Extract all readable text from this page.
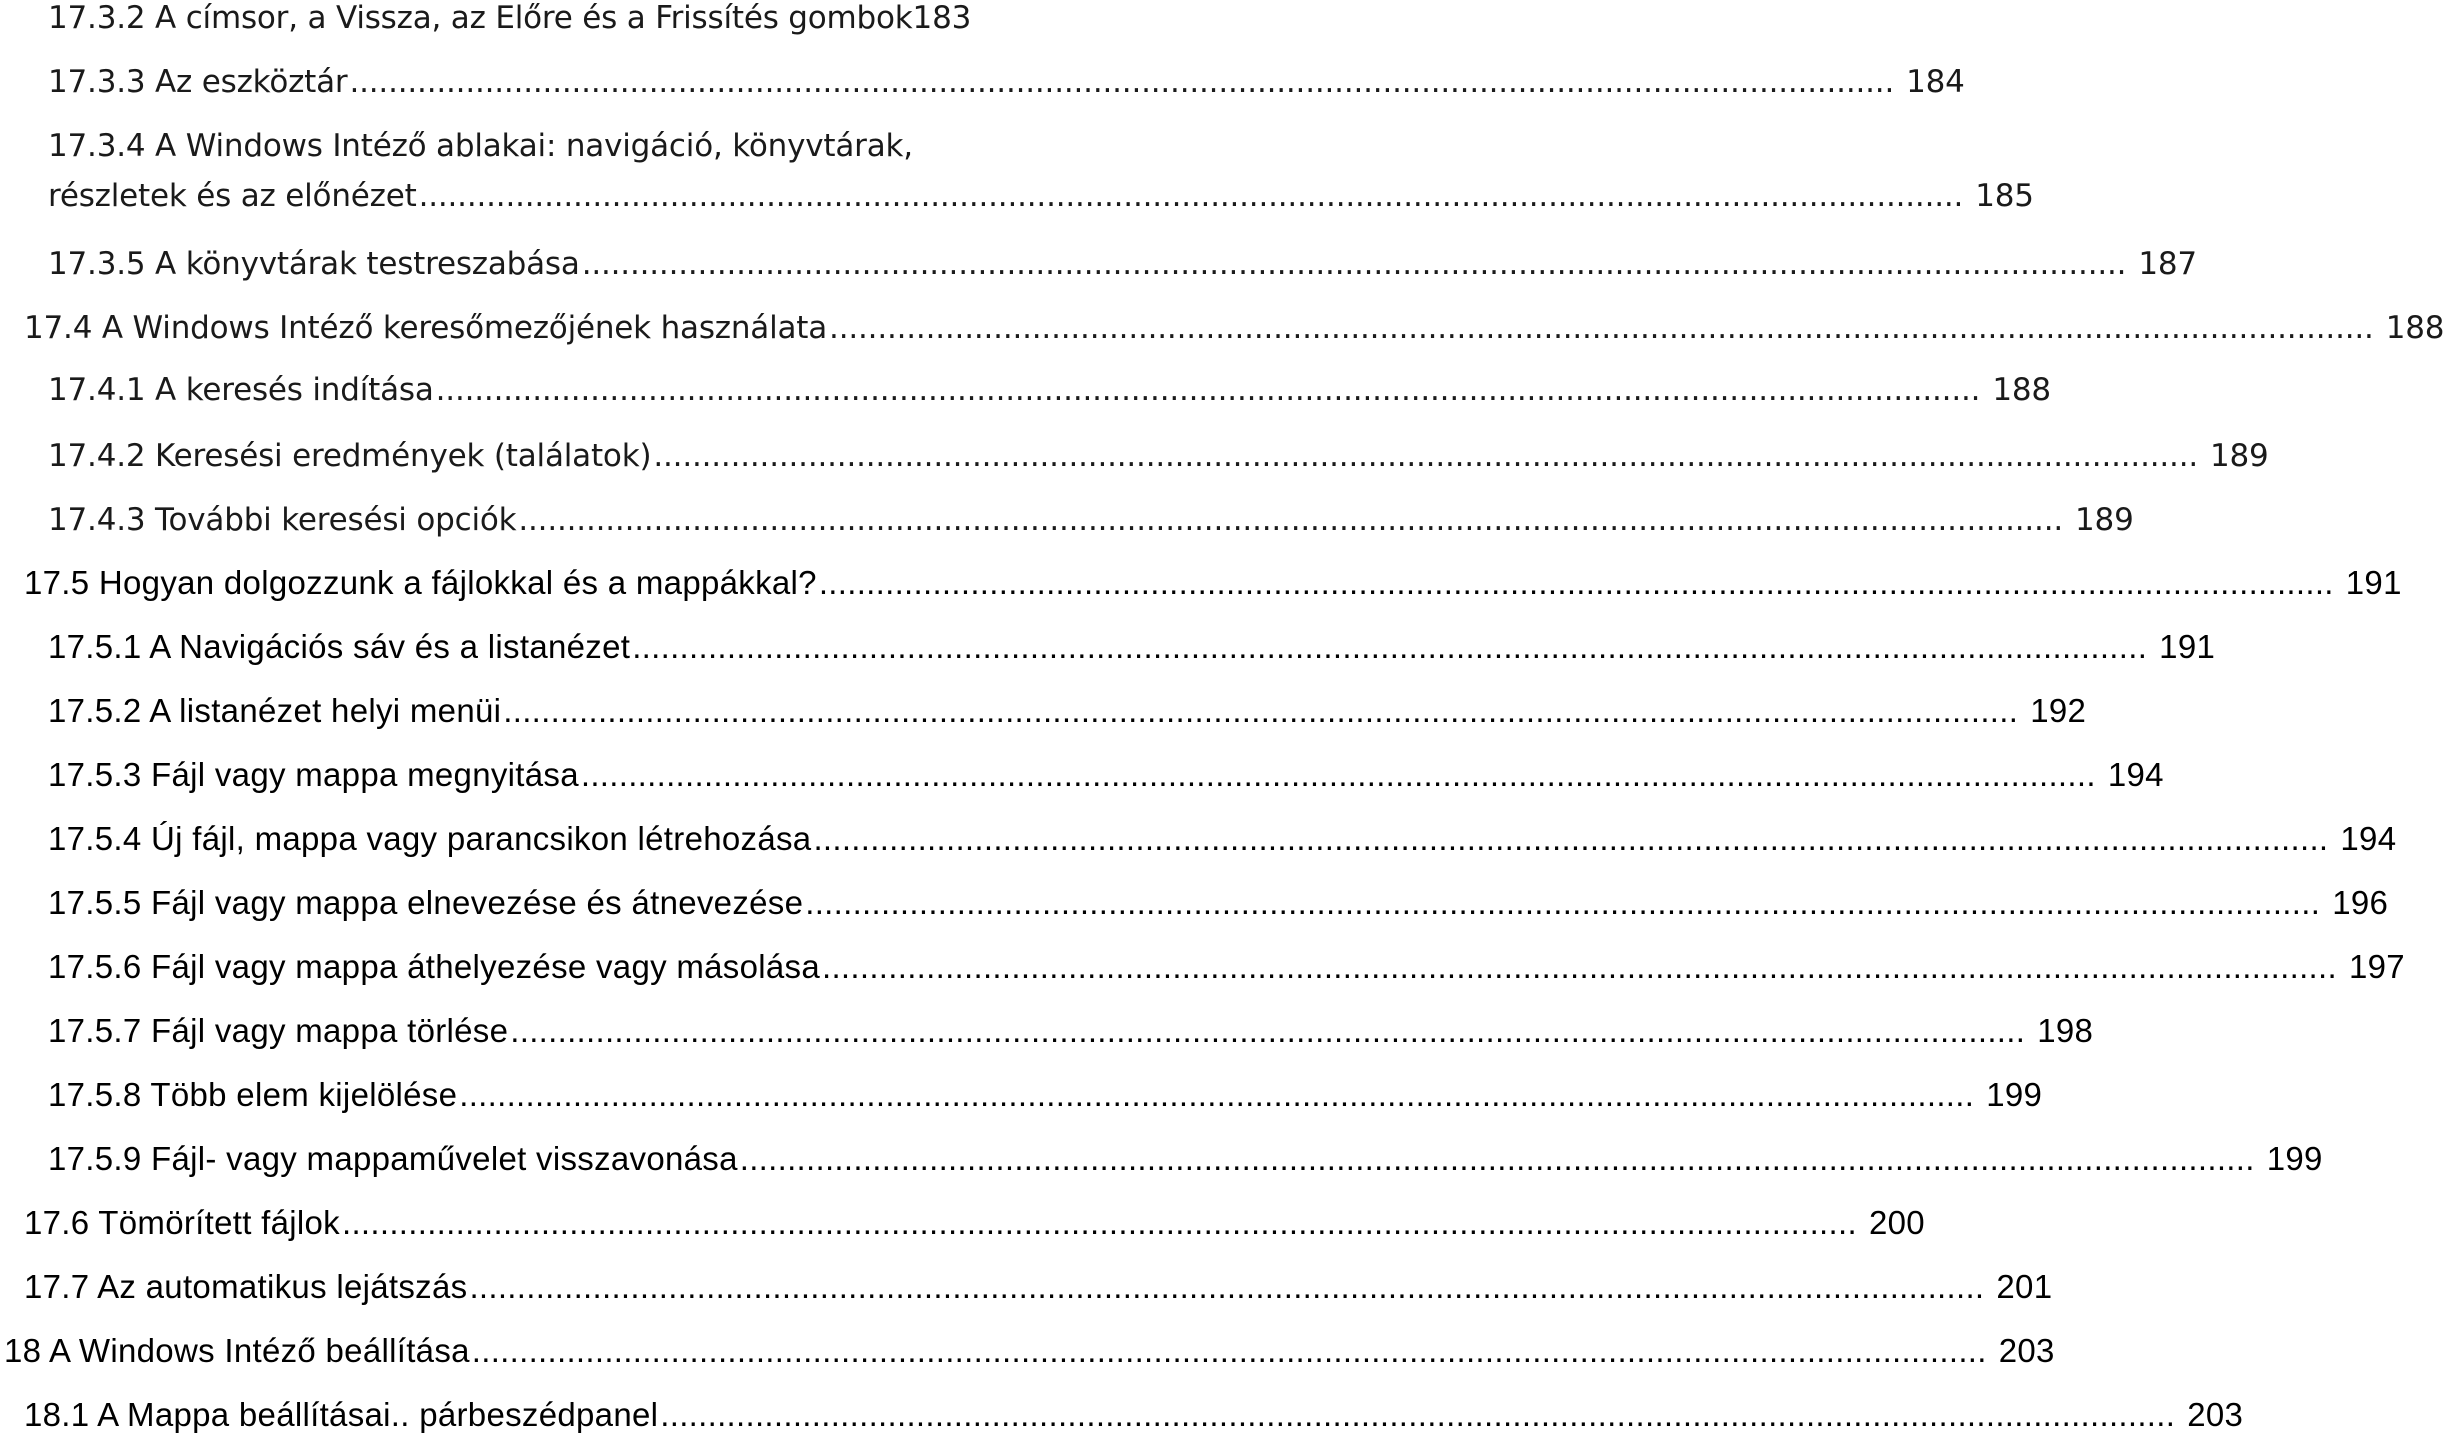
17.3.2 A címsor, a Vissza, az Előre és a Frissítés gombok 183
17.3.3 Az eszköztár .....	184
17.3.4 A Windows Intéző ablakai: navigáció, könyvtárak,
részletek és az előnézet .....	185
17.3.5 A könyvtárak testreszabása .....	187
17.4 A Windows Intéző keresőmezőjének használata .....	188
17.4.1 A keresés indítása .....	188
17.4.2 Keresési eredmények (találatok) .....	189
17.4.3 További keresési opciók .....	189
17.5 Hogyan dolgozzunk a fájlokkal és a mappákkal? .....	191
17.5.1 A Navigációs sáv és a listanézet .....	191
17.5.2 A listanézet helyi menüi .....	192
17.5.3 Fájl vagy mappa megnyitása .....	194
17.5.4 Új fájl, mappa vagy parancsikon létrehozása .....	194
17.5.5 Fájl vagy mappa elnevezése és átnevezése .....	196
17.5.6 Fájl vagy mappa áthelyezése vagy másolása .....	197
17.5.7 Fájl vagy mappa törlése .....	198
17.5.8 Több elem kijelölése .....	199
17.5.9 Fájl- vagy mappaművelet visszavonása .....	199
17.6 Tömörített fájlok .....	200
17.7 Az automatikus lejátszás .....	201
18 A Windows Intéző beállítása .....	203
18.1 A Mappa beállításai.. párbeszédpanel .....	203
